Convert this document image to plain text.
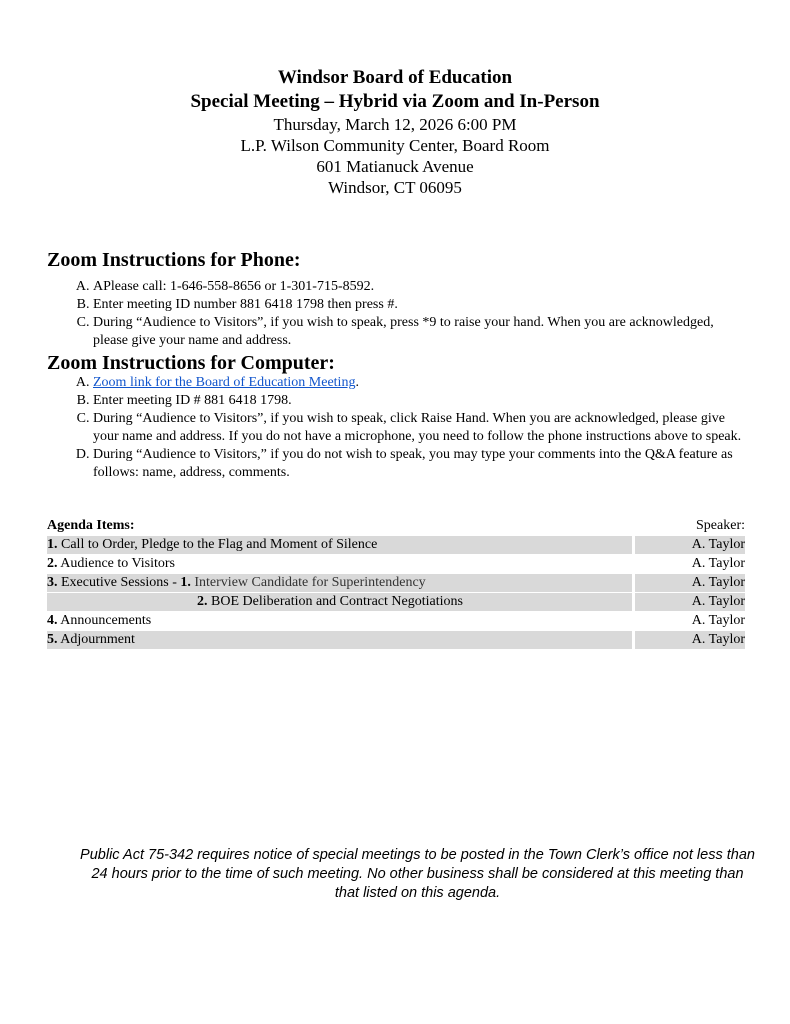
Windsor Board of Education
Special Meeting – Hybrid via Zoom and In-Person
Thursday, March 12, 2026 6:00 PM
L.P. Wilson Community Center, Board Room
601 Matianuck Avenue
Windsor, CT 06095
Zoom Instructions for Phone:
A. APlease call: 1-646-558-8656 or 1-301-715-8592.
B. Enter meeting ID number 881 6418 1798 then press #.
C. During “Audience to Visitors”, if you wish to speak, press *9 to raise your hand. When you are acknowledged, please give your name and address.
Zoom Instructions for Computer:
A. Zoom link for the Board of Education Meeting.
B. Enter meeting ID # 881 6418 1798.
C. During “Audience to Visitors”, if you wish to speak, click Raise Hand. When you are acknowledged, please give your name and address. If you do not have a microphone, you need to follow the phone instructions above to speak.
D. During “Audience to Visitors,” if you do not wish to speak, you may type your comments into the Q&A feature as follows: name, address, comments.
Agenda Items:	Speaker:
1. Call to Order, Pledge to the Flag and Moment of Silence	A. Taylor
2. Audience to Visitors	A. Taylor
3. Executive Sessions - 1. Interview Candidate for Superintendency	A. Taylor
2. BOE Deliberation and Contract Negotiations	A. Taylor
4. Announcements	A. Taylor
5. Adjournment	A. Taylor
Public Act 75-342 requires notice of special meetings to be posted in the Town Clerk’s office not less than 24 hours prior to the time of such meeting. No other business shall be considered at this meeting than that listed on this agenda.
